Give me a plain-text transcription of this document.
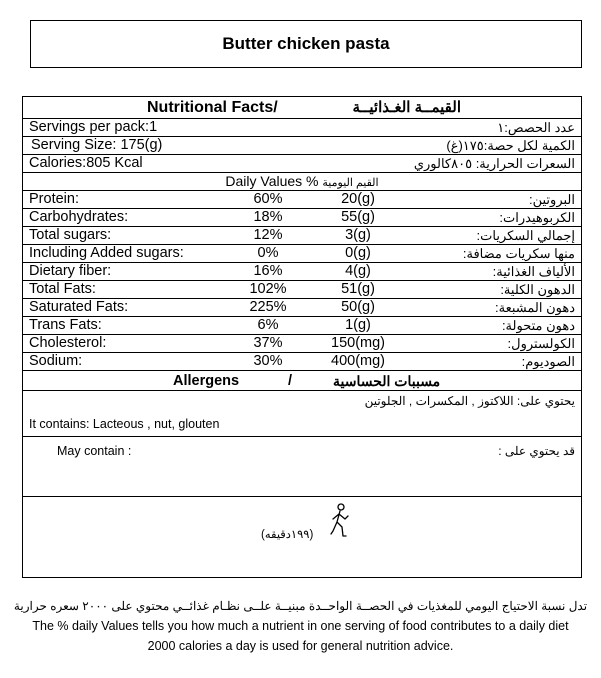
Butter chicken pasta
Nutritional Facts/	القيمــة الغـذائيــة
Servings per pack:1	عدد الحصص:١
Serving Size: 175(g)	الكمية لكل حصة:١٧٥(غ)
Calories:805 Kcal	السعرات الحرارية: ٨٠٥كالوري
Daily Values % القيم اليومية
Protein:	60%	20(g)	البروتين:
Carbohydrates:	18%	55(g)	الكربوهيدرات:
Total sugars:	12%	3(g)	إجمالي السكريات:
Including Added sugars:	0%	0(g)	منها سكريات مضافة:
Dietary fiber:	16%	4(g)	الألياف الغذائية:
Total Fats:	102%	51(g)	الدهون الكلية:
Saturated Fats:	225%	50(g)	دهون المشبعة:
Trans Fats:	6%	1(g)	دهون متحولة:
Cholesterol:	37%	150(mg)	الكولسترول:
Sodium:	30%	400(mg)	الصوديوم:
Allergens	/	مسببات الحساسية
يحتوي على: اللاكتوز , المكسرات , الجلوتين
It contains: Lacteous , nut, glouten
May contain :	قد يحتوي على :
(١٩٩دقيقه)
تدل نسبة الاحتياج اليومي للمغذيات في الحصــة الواحــدة مبنيــة علــى نظـام غذائــي محتوي على ٢٠٠٠ سعره حرارية
The % daily Values tells you how much a nutrient in one serving of food contributes to a daily diet
2000 calories a day is used for general nutrition advice.
